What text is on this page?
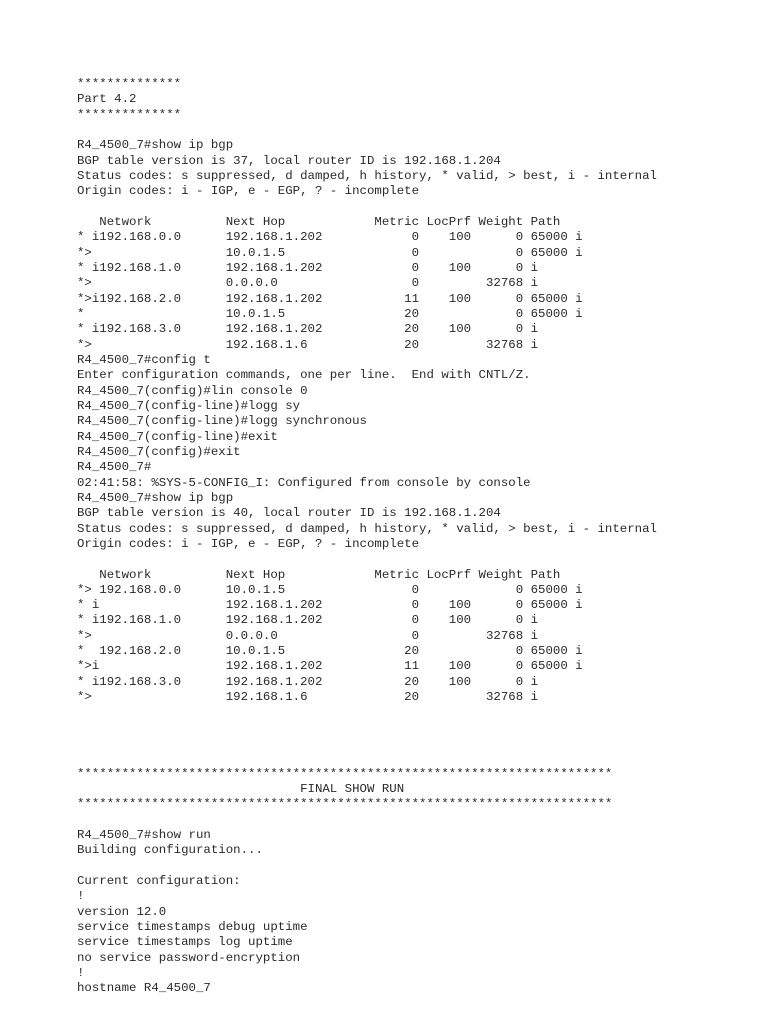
**************
Part 4.2
**************
R4_4500_7#show ip bgp
BGP table version is 37, local router ID is 192.168.1.204
Status codes: s suppressed, d damped, h history, * valid, > best, i - internal
Origin codes: i - IGP, e - EGP, ? - incomplete
Network          Next Hop            Metric LocPrf Weight Path
* i192.168.0.0      192.168.1.202            0    100      0 65000 i
*>                  10.0.1.5                 0             0 65000 i
* i192.168.1.0      192.168.1.202            0    100      0 i
*>                  0.0.0.0                  0         32768 i
*>i192.168.2.0      192.168.1.202           11    100      0 65000 i
*                   10.0.1.5                20             0 65000 i
* i192.168.3.0      192.168.1.202           20    100      0 i
*>                  192.168.1.6             20         32768 i
R4_4500_7#config t
Enter configuration commands, one per line.  End with CNTL/Z.
R4_4500_7(config)#lin console 0
R4_4500_7(config-line)#logg sy
R4_4500_7(config-line)#logg synchronous
R4_4500_7(config-line)#exit
R4_4500_7(config)#exit
R4_4500_7#
02:41:58: %SYS-5-CONFIG_I: Configured from console by console
R4_4500_7#show ip bgp
BGP table version is 40, local router ID is 192.168.1.204
Status codes: s suppressed, d damped, h history, * valid, > best, i - internal
Origin codes: i - IGP, e - EGP, ? - incomplete
Network          Next Hop            Metric LocPrf Weight Path
*> 192.168.0.0      10.0.1.5                 0             0 65000 i
* i                 192.168.1.202            0    100      0 65000 i
* i192.168.1.0      192.168.1.202            0    100      0 i
*>                  0.0.0.0                  0         32768 i
*  192.168.2.0      10.0.1.5                20             0 65000 i
*>i                 192.168.1.202           11    100      0 65000 i
* i192.168.3.0      192.168.1.202           20    100      0 i
*>                  192.168.1.6             20         32768 i
************************************************************************
FINAL SHOW RUN
************************************************************************
R4_4500_7#show run
Building configuration...
Current configuration:
!
version 12.0
service timestamps debug uptime
service timestamps log uptime
no service password-encryption
!
hostname R4_4500_7
